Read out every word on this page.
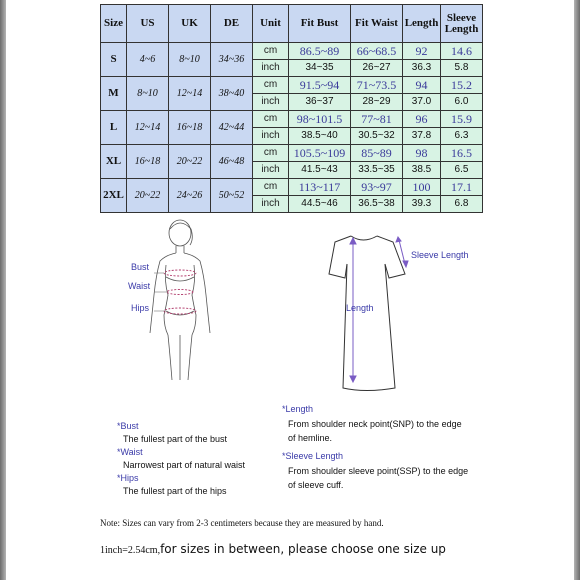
Size	US	UK	DE	Unit	Fit Bust	Fit Waist	Length	Sleeve Length
S	4~6	8~10	34~36	cm	86.5~89	66~68.5	92	14.6
				inch	34~35	26~27	36.3	5.8
M	8~10	12~14	38~40	cm	91.5~94	71~73.5	94	15.2
				inch	36~37	28~29	37.0	6.0
L	12~14	16~18	42~44	cm	98~101.5	77~81	96	15.9
				inch	38.5~40	30.5~32	37.8	6.3
XL	16~18	20~22	46~48	cm	105.5~109	85~89	98	16.5
				inch	41.5~43	33.5~35	38.5	6.5
2XL	20~22	24~26	50~52	cm	113~117	93~97	100	17.1
				inch	44.5~46	36.5~38	39.3	6.8
Bust
Waist
Hips	Length
Sleeve Length
*Bust
The fullest part of the bust
*Waist
Narrowest part of natural waist
*Hips
The fullest part of the hips
*Length
From shoulder neck point(SNP) to the edge
of hemline.
*Sleeve Length
From shoulder sleeve point(SSP) to the edge
of sleeve cuff.
Note: Sizes can vary from 2-3 centimeters because they are measured by hand.
1inch=2.54cm,for sizes in between, please choose one size up
